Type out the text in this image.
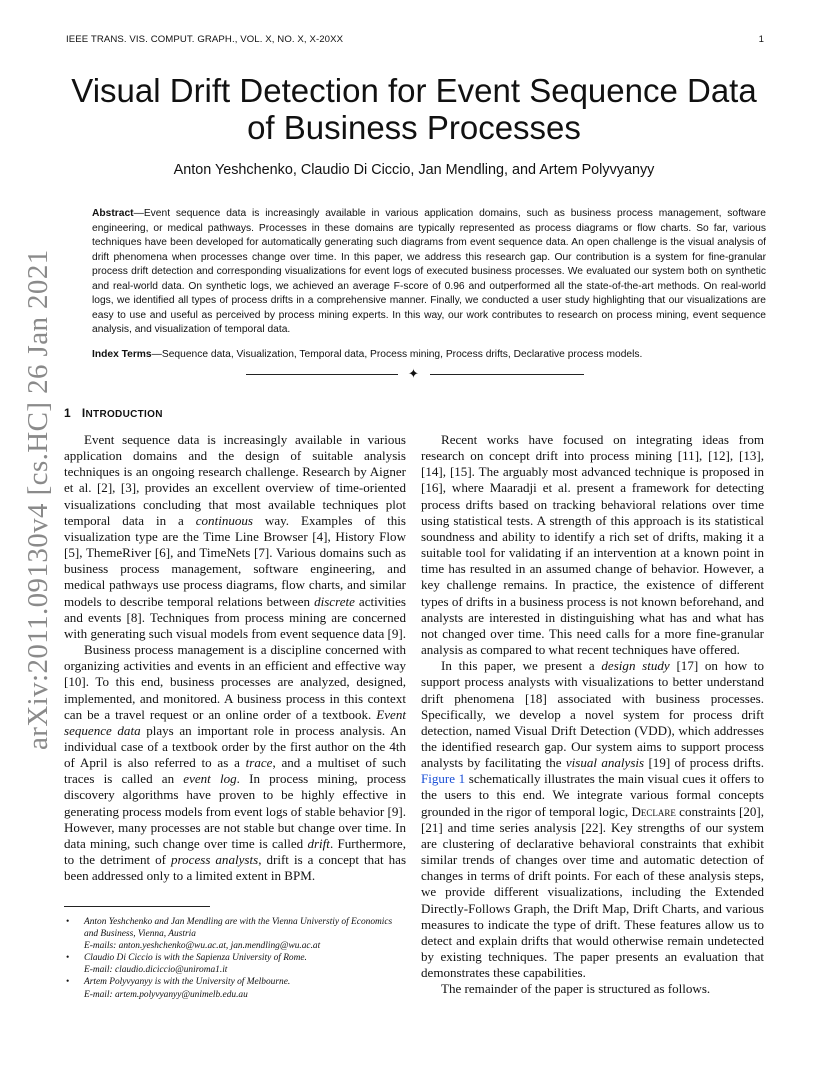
IEEE TRANS. VIS. COMPUT. GRAPH., VOL. X, NO. X, X-20XX	1
Visual Drift Detection for Event Sequence Data
of Business Processes
Anton Yeshchenko, Claudio Di Ciccio, Jan Mendling, and Artem Polyvyanyy
Abstract—Event sequence data is increasingly available in various application domains, such as business process management, software engineering, or medical pathways. Processes in these domains are typically represented as process diagrams or flow charts. So far, various techniques have been developed for automatically generating such diagrams from event sequence data. An open challenge is the visual analysis of drift phenomena when processes change over time. In this paper, we address this research gap. Our contribution is a system for fine-granular process drift detection and corresponding visualizations for event logs of executed business processes. We evaluated our system both on synthetic and real-world data. On synthetic logs, we achieved an average F-score of 0.96 and outperformed all the state-of-the-art methods. On real-world logs, we identified all types of process drifts in a comprehensive manner. Finally, we conducted a user study highlighting that our visualizations are easy to use and useful as perceived by process mining experts. In this way, our work contributes to research on process mining, event sequence analysis, and visualization of temporal data.
Index Terms—Sequence data, Visualization, Temporal data, Process mining, Process drifts, Declarative process models.
✦
1 INTRODUCTION

Event sequence data is increasingly available in various application domains and the design of suitable analysis techniques is an ongoing research challenge. Research by Aigner et al. [2], [3], provides an excellent overview of time-oriented visualizations concluding that most available techniques plot temporal data in a continuous way. Examples of this visualization type are the Time Line Browser [4], History Flow [5], ThemeRiver [6], and TimeNets [7]. Various domains such as business process management, software engineering, and medical pathways use process diagrams, flow charts, and similar models to describe temporal relations between discrete activities and events [8]. Techniques from process mining are concerned with generating such visual models from event sequence data [9].

Business process management is a discipline concerned with organizing activities and events in an efficient and effective way [10]. To this end, business processes are analyzed, designed, implemented, and monitored. A business process in this context can be a travel request or an online order of a textbook. Event sequence data plays an important role in process analysis. An individual case of a textbook order by the first author on the 4th of April is also referred to as a trace, and a multiset of such traces is called an event log. In process mining, process discovery algorithms have proven to be highly effective in generating process models from event logs of stable behavior [9]. However, many processes are not stable but change over time. In data mining, such change over time is called drift. Furthermore, to the detriment of process analysts, drift is a concept that has been addressed only to a limited extent in BPM.

• Anton Yeshchenko and Jan Mendling are with the Vienna Universtiy of Economics and Business, Vienna, Austria
E-mails: anton.yeshchenko@wu.ac.at, jan.mendling@wu.ac.at
• Claudio Di Ciccio is with the Sapienza University of Rome.
E-mail: claudio.diciccio@uniroma1.it
• Artem Polyvyanyy is with the University of Melbourne.
E-mail: artem.polyvyanyy@unimelb.edu.au

Recent works have focused on integrating ideas from research on concept drift into process mining [11], [12], [13], [14], [15]. The arguably most advanced technique is proposed in [16], where Maaradji et al. present a framework for detecting process drifts based on tracking behavioral relations over time using statistical tests. A strength of this approach is its statistical soundness and ability to identify a rich set of drifts, making it a suitable tool for validating if an intervention at a known point in time has resulted in an assumed change of behavior. However, a key challenge remains. In practice, the existence of different types of drifts in a business process is not known beforehand, and analysts are interested in distinguishing what has and what has not changed over time. This need calls for a more fine-granular analysis as compared to what recent techniques have offered.

In this paper, we present a design study [17] on how to support process analysts with visualizations to better understand drift phenomena [18] associated with business processes. Specifically, we develop a novel system for process drift detection, named Visual Drift Detection (VDD), which addresses the identified research gap. Our system aims to support process analysts by facilitating the visual analysis [19] of process drifts. Figure 1 schematically illustrates the main visual cues it offers to the users to this end. We integrate various formal concepts grounded in the rigor of temporal logic, Declare constraints [20], [21] and time series analysis [22]. Key strengths of our system are clustering of declarative behavioral constraints that exhibit similar trends of changes over time and automatic detection of changes in terms of drift points. For each of these analysis steps, we provide different visualizations, including the Extended Directly-Follows Graph, the Drift Map, Drift Charts, and various measures to indicate the type of drift. These features allow us to detect and explain drifts that would otherwise remain undetected by existing techniques. The paper presents an evaluation that demonstrates these capabilities.

The remainder of the paper is structured as follows.

arXiv:2011.09130v4 [cs.HC] 26 Jan 2021
